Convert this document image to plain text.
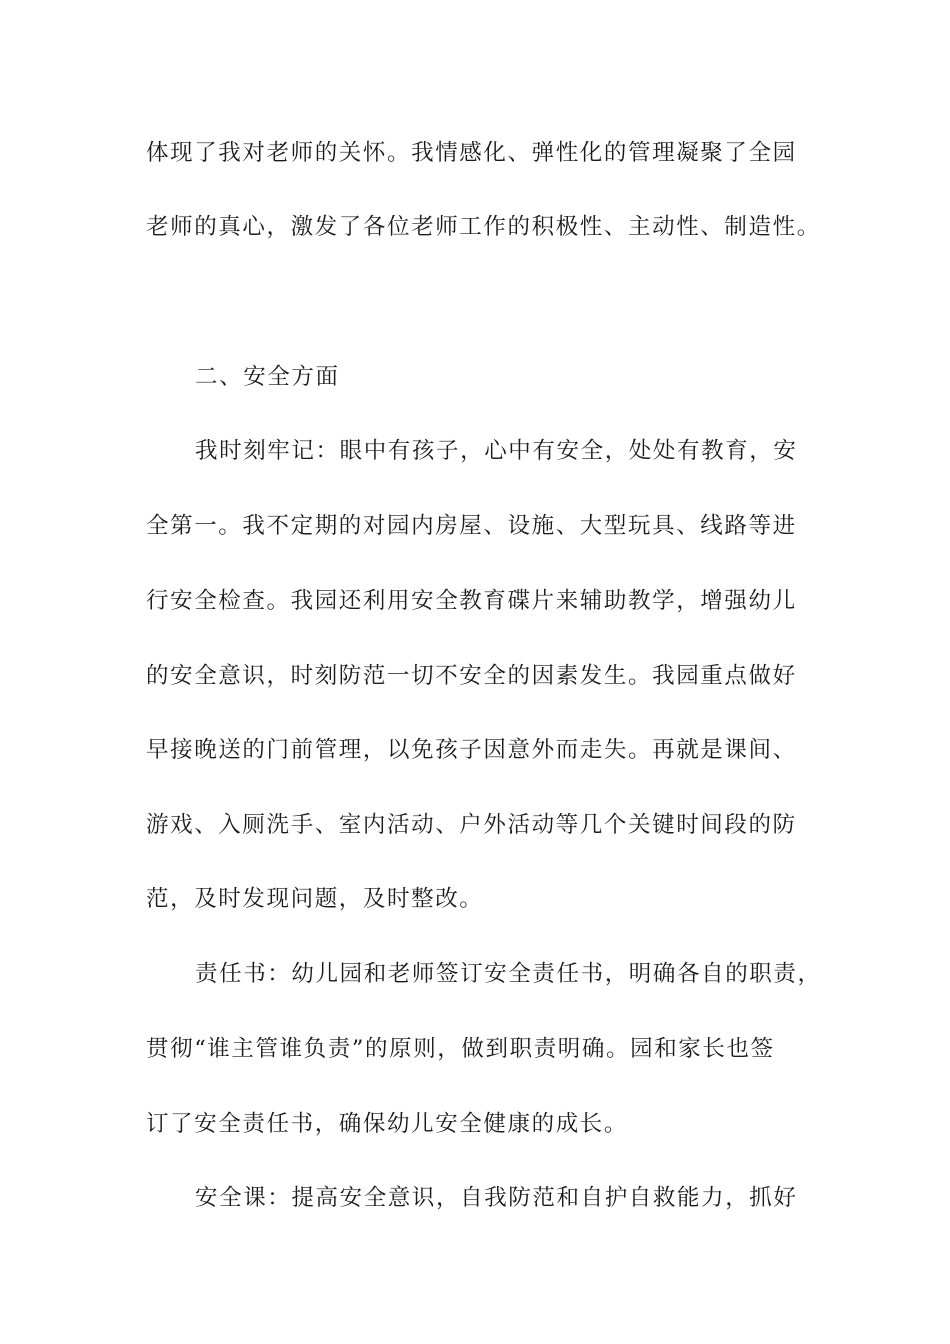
体现了我对老师的关怀。我情感化、弹性化的管理凝聚了全园
老师的真心，激发了各位老师工作的积极性、主动性、制造性。
二、安全方面
我时刻牢记：眼中有孩子，心中有安全，处处有教育，安
全第一。我不定期的对园内房屋、设施、大型玩具、线路等进
行安全检查。我园还利用安全教育碟片来辅助教学，增强幼儿
的安全意识，时刻防范一切不安全的因素发生。我园重点做好
早接晚送的门前管理，以免孩子因意外而走失。再就是课间、
游戏、入厕洗手、室内活动、户外活动等几个关键时间段的防
范，及时发现问题，及时整改。
责任书：幼儿园和老师签订安全责任书，明确各自的职责，
贯彻“谁主管谁负责”的原则，做到职责明确。园和家长也签
订了安全责任书，确保幼儿安全健康的成长。
安全课：提高安全意识，自我防范和自护自救能力，抓好
